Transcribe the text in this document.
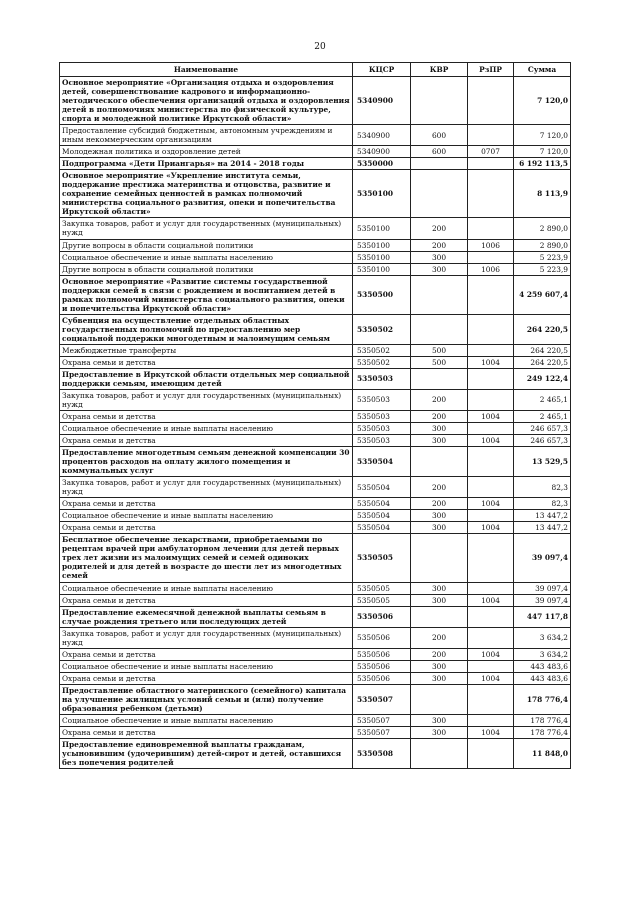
20
Наименование	КЦСР	КВР	РзПР	Сумма
Основное мероприятие «Организация отдыха и оздоровления детей, совершенствование кадрового и информационно-методического обеспечения организаций отдыха и оздоровления детей в полномочиях министерства по физической культуре, спорта и молодежной политике Иркутской области»	5340900			7 120,0
Предоставление субсидий бюджетным, автономным учреждениям и иным некоммерческим организациям	5340900	600		7 120,0
Молодежная политика и оздоровление детей	5340900	600	0707	7 120,0
Подпрограмма «Дети Приангарья» на 2014 - 2018 годы	5350000			6 192 113,5
Основное мероприятие «Укрепление института семьи, поддержание престижа материнства и отцовства, развитие и сохранение семейных ценностей в рамках полномочий министерства социального развития, опеки и попечительства Иркутской области»	5350100			8 113,9
Закупка товаров, работ и услуг для государственных (муниципальных) нужд	5350100	200		2 890,0
Другие вопросы в области социальной политики	5350100	200	1006	2 890,0
Социальное обеспечение и иные выплаты населению	5350100	300		5 223,9
Другие вопросы в области социальной политики	5350100	300	1006	5 223,9
Основное мероприятие «Развитие системы государственной поддержки семей в связи с рождением и воспитанием детей в рамках полномочий министерства социального развития, опеки и попечительства Иркутской области»	5350500			4 259 607,4
Субвенция на осуществление отдельных областных государственных полномочий по предоставлению мер социальной поддержки многодетным и малоимущим семьям	5350502			264 220,5
Межбюджетные трансферты	5350502	500		264 220,5
Охрана семьи и детства	5350502	500	1004	264 220,5
Предоставление в Иркутской области отдельных мер социальной поддержки семьям, имеющим детей	5350503			249 122,4
Закупка товаров, работ и услуг для государственных (муниципальных) нужд	5350503	200		2 465,1
Охрана семьи и детства	5350503	200	1004	2 465,1
Социальное обеспечение и иные выплаты населению	5350503	300		246 657,3
Охрана семьи и детства	5350503	300	1004	246 657,3
Предоставление многодетным семьям денежной компенсации 30 процентов расходов на оплату жилого помещения и коммунальных услуг	5350504			13 529,5
Закупка товаров, работ и услуг для государственных (муниципальных) нужд	5350504	200		82,3
Охрана семьи и детства	5350504	200	1004	82,3
Социальное обеспечение и иные выплаты населению	5350504	300		13 447,2
Охрана семьи и детства	5350504	300	1004	13 447,2
Бесплатное обеспечение лекарствами, приобретаемыми по рецептам врачей при амбулаторном лечении для детей первых трех лет жизни из малоимущих семей и семей одиноких родителей и для детей в возрасте до шести лет из многодетных семей	5350505			39 097,4
Социальное обеспечение и иные выплаты населению	5350505	300		39 097,4
Охрана семьи и детства	5350505	300	1004	39 097,4
Предоставление ежемесячной денежной выплаты семьям в случае рождения третьего или последующих детей	5350506			447 117,8
Закупка товаров, работ и услуг для государственных (муниципальных) нужд	5350506	200		3 634,2
Охрана семьи и детства	5350506	200	1004	3 634,2
Социальное обеспечение и иные выплаты населению	5350506	300		443 483,6
Охрана семьи и детства	5350506	300	1004	443 483,6
Предоставление областного материнского (семейного) капитала на улучшение жилищных условий семьи и (или) получение образования ребенком (детьми)	5350507			178 776,4
Социальное обеспечение и иные выплаты населению	5350507	300		178 776,4
Охрана семьи и детства	5350507	300	1004	178 776,4
Предоставление единовременной выплаты гражданам, усыновившим (удочерившим) детей-сирот и детей, оставшихся без попечения родителей	5350508			11 848,0
